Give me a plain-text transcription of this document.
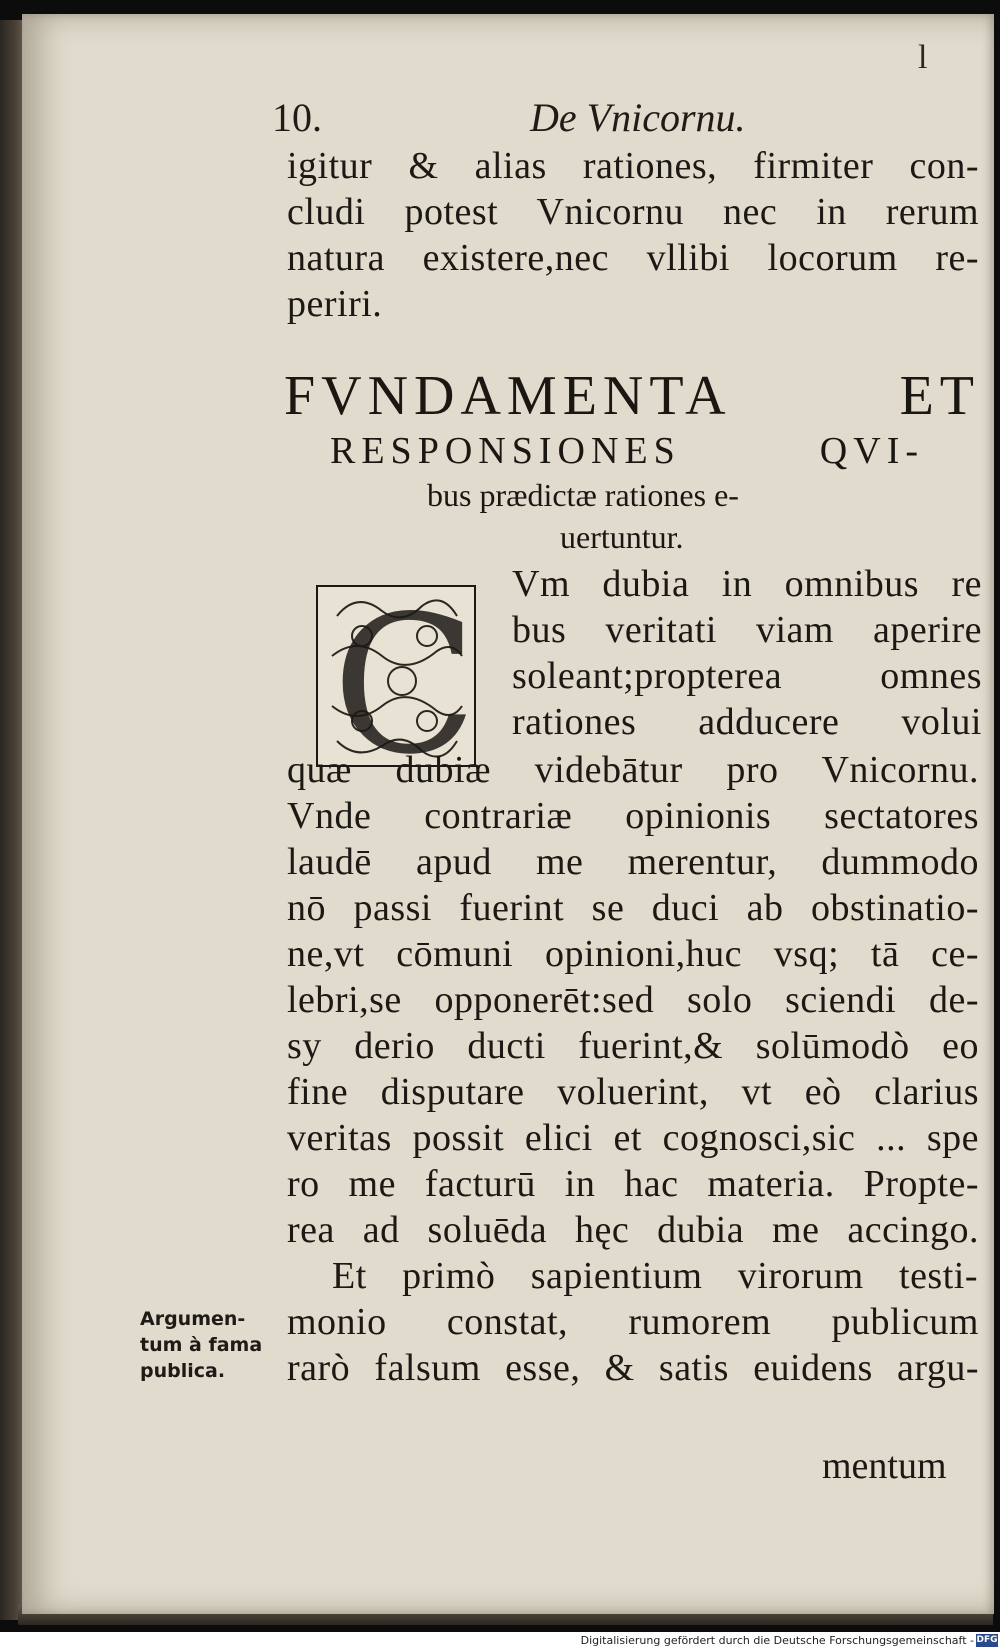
l
10.	De Vnicornu.
igitur & alias rationes, firmiter con-
cludi potest Vnicornu nec in rerum
natura existere,nec vllibi locorum re-
periri.
FVNDAMENTA ET
RESPONSIONES QVI-
bus prædictæ rationes e-
uertuntur.
C Vm dubia in omnibus re
bus veritati viam aperire
soleant;propterea omnes
rationes adducere volui
quæ dubiæ videbātur pro Vnicornu.
Vnde contrariæ opinionis sectatores
laudē apud me merentur, dummodo
nō passi fuerint se duci ab obstinatio-
ne,vt cōmuni opinioni,huc vsq; tā ce-
lebri,se opponerēt:sed solo sciendi de-
sy derio ducti fuerint,& solūmodò eo
fine disputare voluerint, vt eò clarius
veritas possit elici et cognosci,sic ... spe
ro me facturū in hac materia. Propte-
rea ad soluēda hęc dubia me accingo.
Et primò sapientium virorum testi-
monio constat, rumorem publicum
rarò falsum esse, & satis euidens argu-
mentum
Argumen-
tum à fama
publica.
Digitalisierung gefördert durch die Deutsche Forschungsgemeinschaft - DFG
